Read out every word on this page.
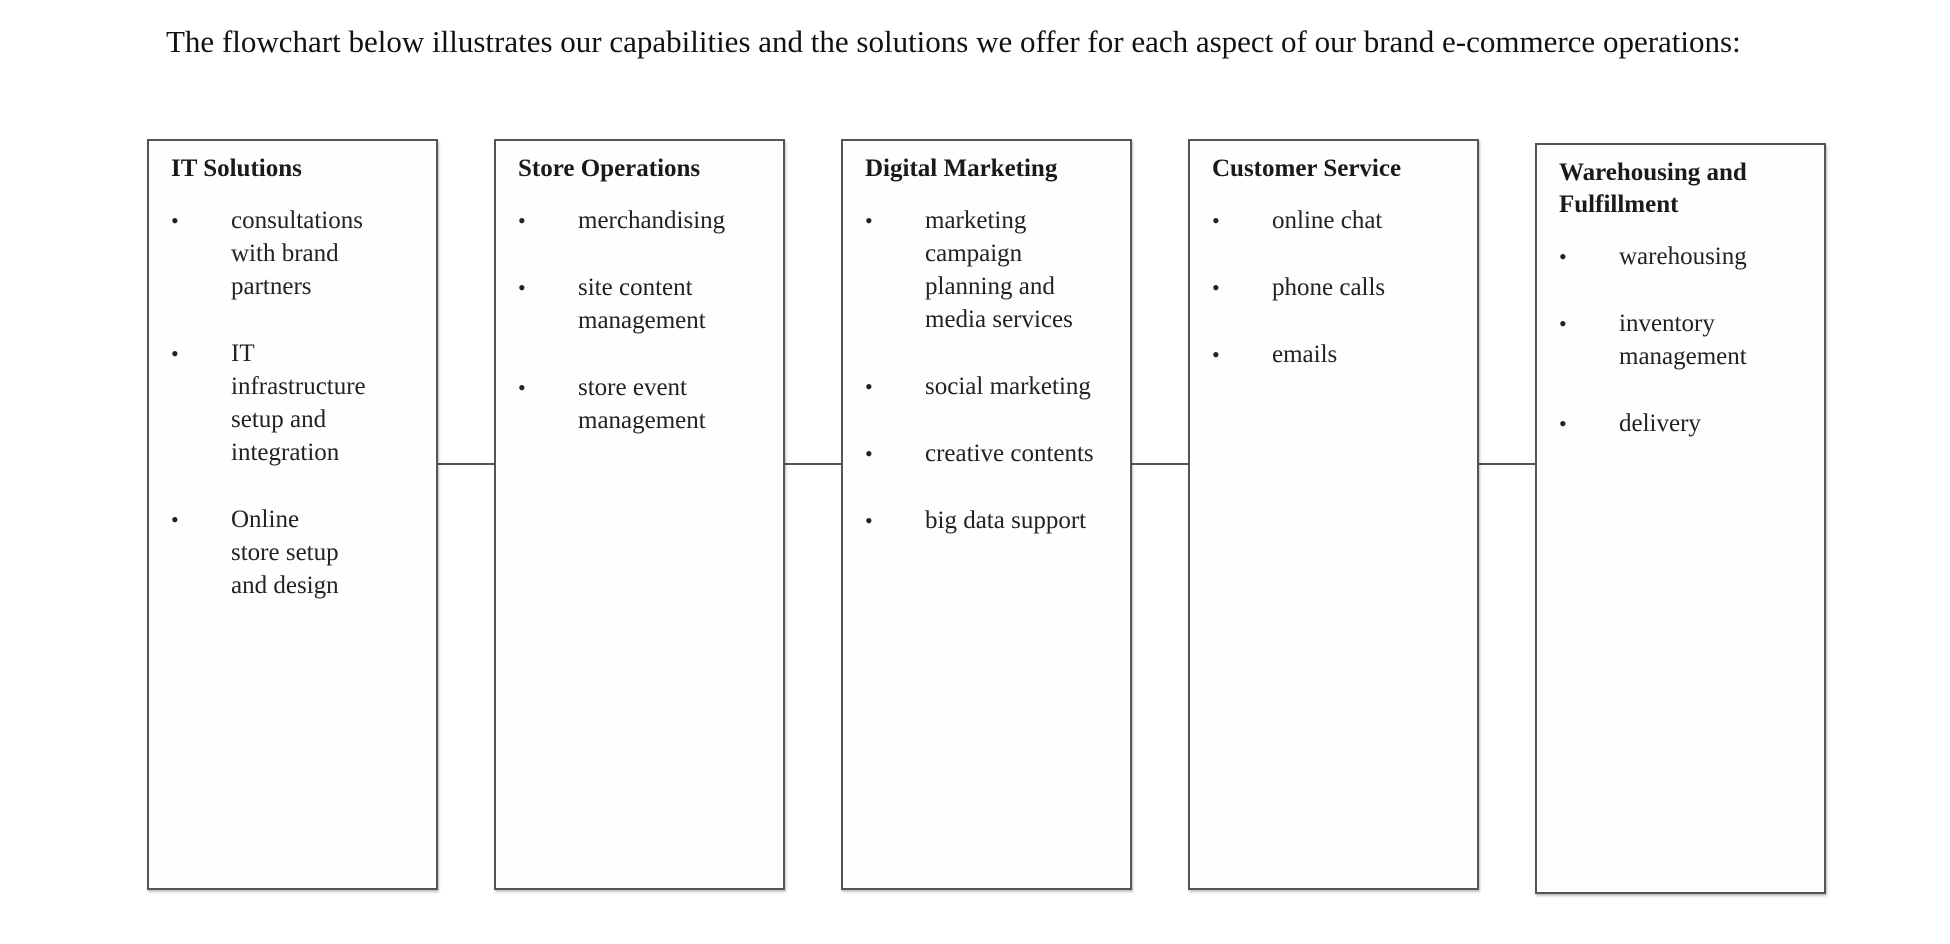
The flowchart below illustrates our capabilities and the solutions we offer for each aspect of our brand e-commerce operations:

IT Solutions
• consultations with brand partners
• IT infrastructure setup and integration
• Online store setup and design
Store Operations
• merchandising
• site content management
• store event management
Digital Marketing
• marketing campaign planning and media services
• social marketing
• creative contents
• big data support
Customer Service
• online chat
• phone calls
• emails
Warehousing and Fulfillment
• warehousing
• inventory management
• delivery
